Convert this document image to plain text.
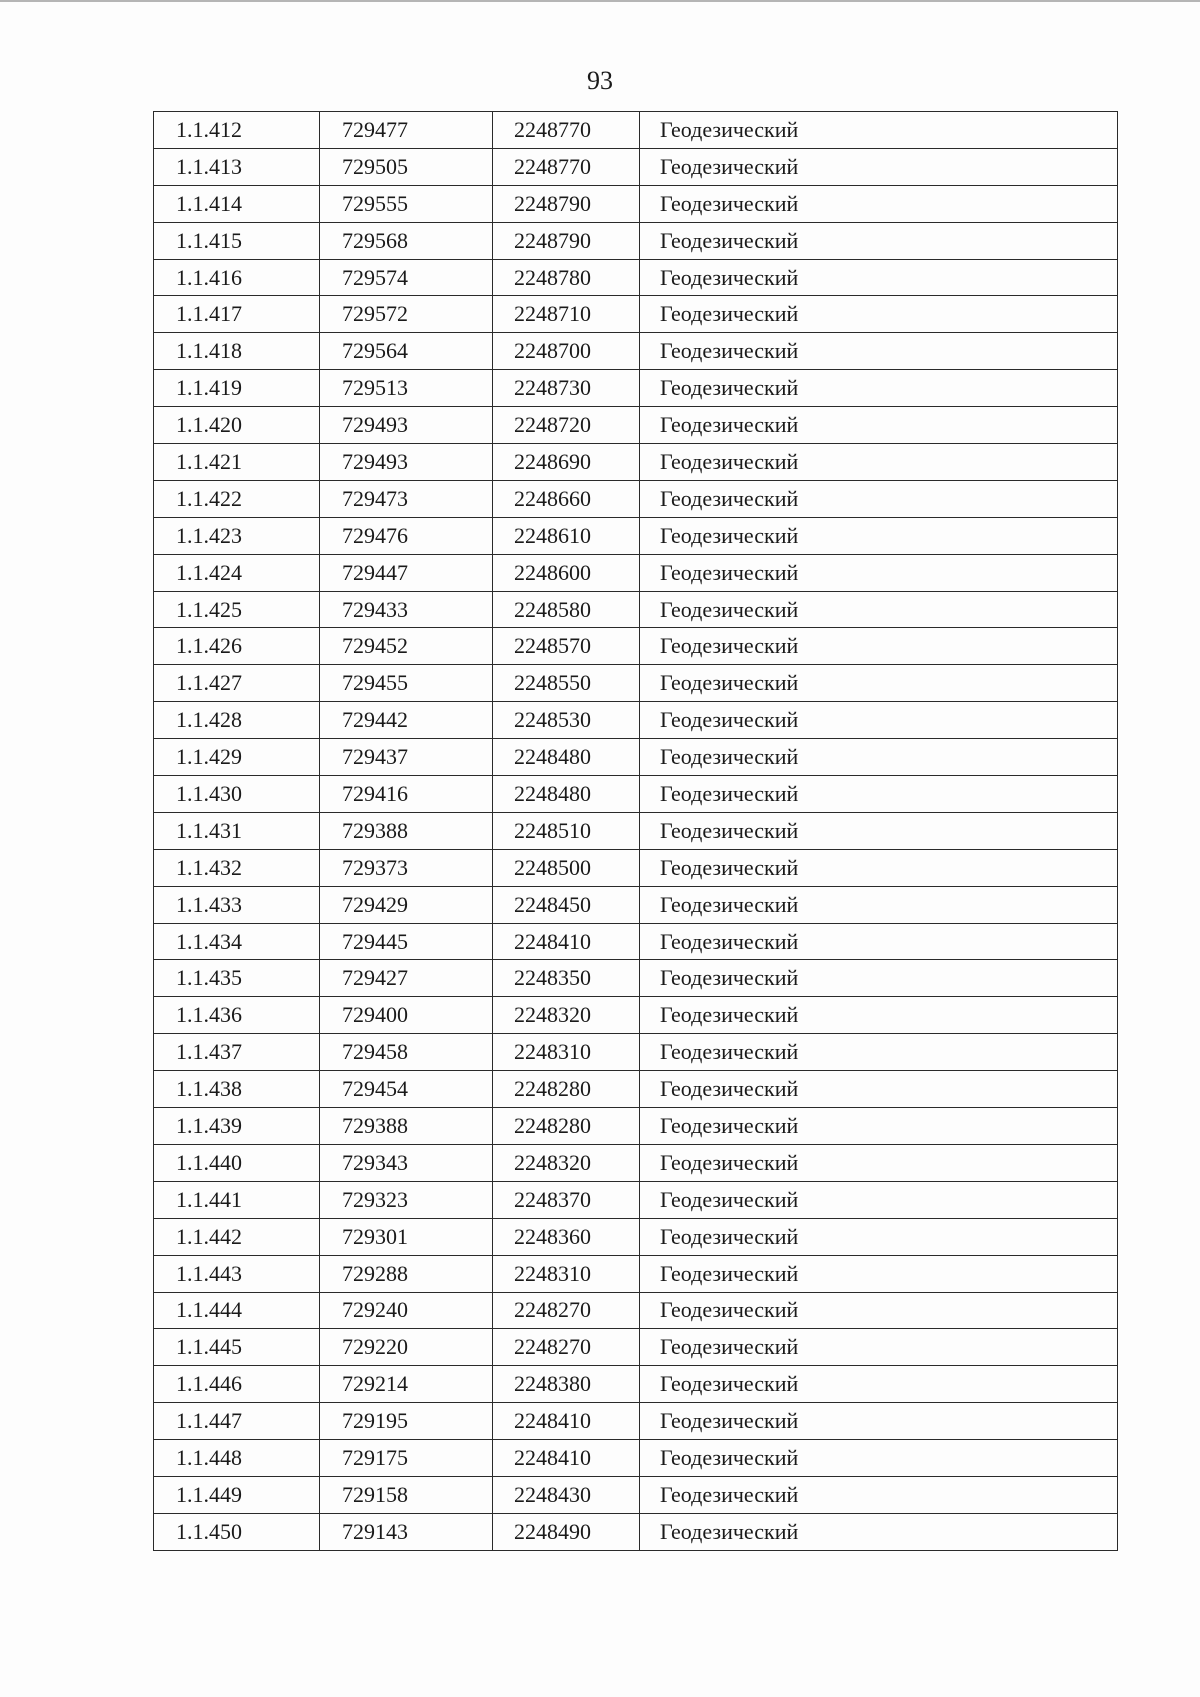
93
1.1.412	729477	2248770	Геодезический
1.1.413	729505	2248770	Геодезический
1.1.414	729555	2248790	Геодезический
1.1.415	729568	2248790	Геодезический
1.1.416	729574	2248780	Геодезический
1.1.417	729572	2248710	Геодезический
1.1.418	729564	2248700	Геодезический
1.1.419	729513	2248730	Геодезический
1.1.420	729493	2248720	Геодезический
1.1.421	729493	2248690	Геодезический
1.1.422	729473	2248660	Геодезический
1.1.423	729476	2248610	Геодезический
1.1.424	729447	2248600	Геодезический
1.1.425	729433	2248580	Геодезический
1.1.426	729452	2248570	Геодезический
1.1.427	729455	2248550	Геодезический
1.1.428	729442	2248530	Геодезический
1.1.429	729437	2248480	Геодезический
1.1.430	729416	2248480	Геодезический
1.1.431	729388	2248510	Геодезический
1.1.432	729373	2248500	Геодезический
1.1.433	729429	2248450	Геодезический
1.1.434	729445	2248410	Геодезический
1.1.435	729427	2248350	Геодезический
1.1.436	729400	2248320	Геодезический
1.1.437	729458	2248310	Геодезический
1.1.438	729454	2248280	Геодезический
1.1.439	729388	2248280	Геодезический
1.1.440	729343	2248320	Геодезический
1.1.441	729323	2248370	Геодезический
1.1.442	729301	2248360	Геодезический
1.1.443	729288	2248310	Геодезический
1.1.444	729240	2248270	Геодезический
1.1.445	729220	2248270	Геодезический
1.1.446	729214	2248380	Геодезический
1.1.447	729195	2248410	Геодезический
1.1.448	729175	2248410	Геодезический
1.1.449	729158	2248430	Геодезический
1.1.450	729143	2248490	Геодезический
